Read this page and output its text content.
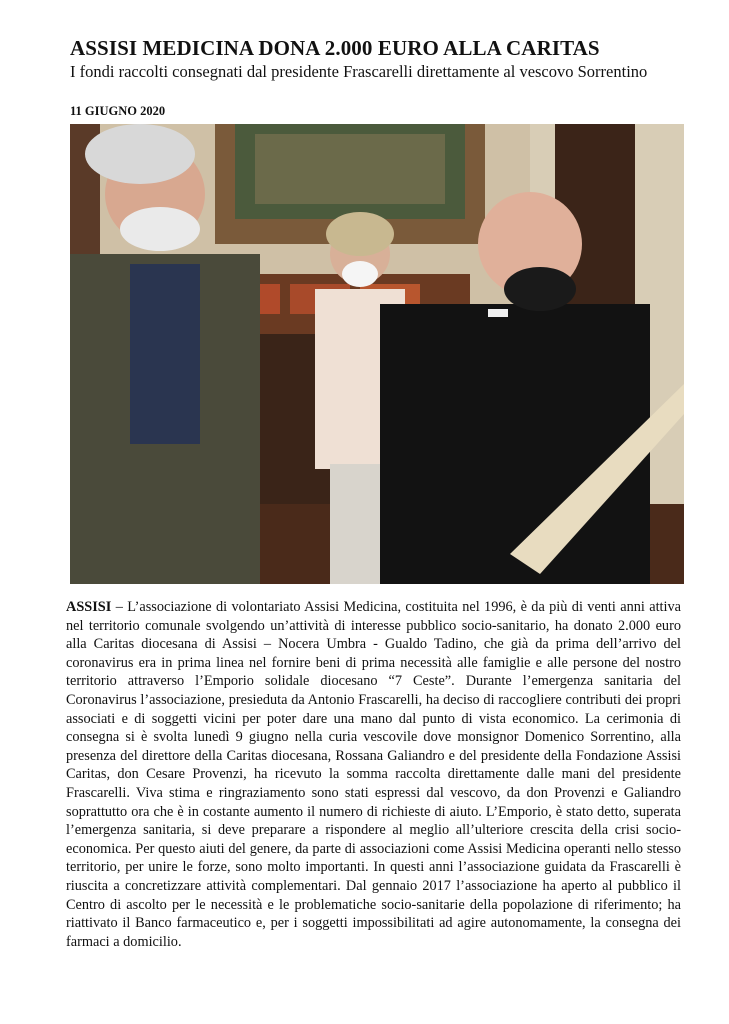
ASSISI MEDICINA DONA 2.000 EURO ALLA CARITAS

I fondi raccolti consegnati dal presidente Frascarelli direttamente al vescovo Sorrentino

11 GIUGNO 2020

ASSISI – L’associazione di volontariato Assisi Medicina, costituita nel 1996, è da più di venti anni attiva nel territorio comunale svolgendo un’attività di interesse pubblico socio-sanitario, ha donato 2.000 euro alla Caritas diocesana di Assisi – Nocera Umbra - Gualdo Tadino, che già da prima dell’arrivo del coronavirus era in prima linea nel fornire beni di prima necessità alle famiglie e alle persone del nostro territorio attraverso l’Emporio solidale diocesano “7 Ceste”. Durante l’emergenza sanitaria del Coronavirus l’associazione, presieduta da Antonio Frascarelli, ha deciso di raccogliere contributi dei propri associati e di soggetti vicini per poter dare una mano dal punto di vista economico. La cerimonia di consegna si è svolta lunedì 9 giugno nella curia vescovile dove monsignor Domenico Sorrentino, alla presenza del direttore della Caritas diocesana, Rossana Galiandro e del presidente della Fondazione Assisi Caritas, don Cesare Provenzi, ha ricevuto la somma raccolta direttamente dalle mani del presidente Frascarelli. Viva stima e ringraziamento sono stati espressi dal vescovo, da don Provenzi e Galiandro soprattutto ora che è in costante aumento il numero di richieste di aiuto. L’Emporio, è stato detto, superata l’emergenza sanitaria, si deve preparare a rispondere al meglio all’ulteriore crescita della crisi socio-economica. Per questo aiuti del genere, da parte di associazioni come Assisi Medicina operanti nello stesso territorio, per unire le forze, sono molto importanti. In questi anni l’associazione guidata da Frascarelli è riuscita a concretizzare attività complementari. Dal gennaio 2017 l’associazione ha aperto al pubblico il Centro di ascolto per le necessità e le problematiche socio-sanitarie della popolazione di riferimento; ha riattivato il Banco farmaceutico e, per i soggetti impossibilitati ad agire autonomamente, la consegna dei farmaci a domicilio.
